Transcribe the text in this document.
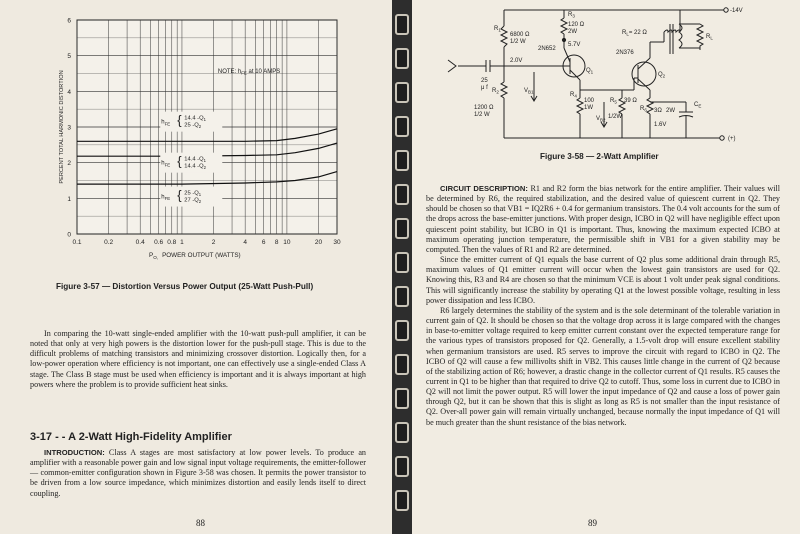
0
1
2
3
4
5
6
0.1	0.2	0.4 0.6 0.8 1	2	4 6 8 10	20 30
$P_{O,}$ POWER OUTPUT (WATTS)
PERCENT TOTAL HARMONIC DISTORTION	NOTE: $h_{FE}$ at 10 AMPS
$h_{FE}$ { 14.4 $-Q_1$
25 $-Q_2$
$h_{FE}$ { 14.4 $-Q_1$
14.4 $-Q_2$
$h_{FE}$ { 25 $-Q_1$
27 $-Q_2$
Figure 3-57 — Distortion Versus Power Output (25-Watt Push-Pull)

In comparing the 10-watt single-ended amplifier with the 10-watt push-pull amplifier, it can be noted that only at very high powers is the distortion lower for the push-pull stage. This is due to the difficult problems of matching transistors and minimizing crossover distortion. Logically then, for a low-power operation where efficiency is not important, one can effectively use a single-ended Class A stage. The Class B stage must be used when efficiency is important and it is always important at high powers where the problem is to provide sufficient heat sinks.

3-17 - - A 2-Watt High-Fidelity Amplifier

INTRODUCTION: Class A stages are most satisfactory at low power levels. To produce an amplifier with a reasonable power gain and low signal input voltage requirements, the emitter-follower — common-emitter configuration shown in Figure 3-58 was chosen. It permits the power transistor to be driven from a low source impedance, which minimizes distortion and easily lends itself to direct coupling.

88
$R_1$
6800 Ω
1/2 W
$R_3$
120 Ω
2W
2N652
5.7V
$Q_1$
2.0V
25
μ f $R_2$
1200 Ω
1/2 W
$V_{B1}$	$R_4$
100
1W
$V_{B2}$
$R_5$ 39 Ω
1/2W
2N376
$Q_2$
$R_L= 22$ Ω
$R_L$
$R_6$ 3Ω 2W
1.6V
$C_E$
-14V
(+)
Figure 3-58 — 2-Watt Amplifier

CIRCUIT DESCRIPTION: R1 and R2 form the bias network for the entire amplifier. Their values will be determined by R6, the required stabilization, and the desired value of quiescent current in Q2. They should be chosen so that VB1 = IQ2R6 + 0.4 for germanium transistors. The 0.4 volt accounts for the sum of the drops across the base-emitter junctions. With proper design, ICBO in Q2 will have negligible effect upon quiescent point stability, but ICBO in Q1 is important. Thus, knowing the maximum expected ICBO at maximum operating junction temperature, the permissible shift in VB1 for a given stability may be computed. Then the values of R1 and R2 are determined.

Since the emitter current of Q1 equals the base current of Q2 plus some additional drain through R5, maximum values of Q1 emitter current will occur when the lowest gain transistors are used for Q2. Knowing this, R3 and R4 are chosen so that the minimum VCE is about 1 volt under peak signal conditions. This will significantly increase the stability by operating Q1 at the lowest possible voltage, resulting in less power dissipation and less ICBO.

R6 largely determines the stability of the system and is the sole determinant of the tolerable variation in current gain of Q2. It should be chosen so that the voltage drop across it is large compared with the changes in base-to-emitter voltage required to keep emitter current constant over the expected temperature range for the various types of transistors proposed for Q2. Generally, a 1.5-volt drop will ensure excellent stability when germanium transistors are used. R5 serves to improve the circuit with regard to ICBO in Q2. The ICBO of Q2 will cause a few millivolts shift in VB2. This causes little change in the current of Q2 because of the stabilizing action of R6; however, a drastic change in the collector current of Q1 results. R5 causes the current in Q1 to be higher than that required to drive Q2 to cutoff. Thus, some loss in current due to ICBO in Q2 will not limit the power output. R5 will lower the input impedance of Q2 and cause a loss of power gain through Q2, but it can be shown that this is slight as long as R5 is not smaller than the input resistance of Q2. Over-all power gain will remain virtually unchanged, because normally the input impedance of Q1 will be much greater than the shunt resistance of the bias network.

89
